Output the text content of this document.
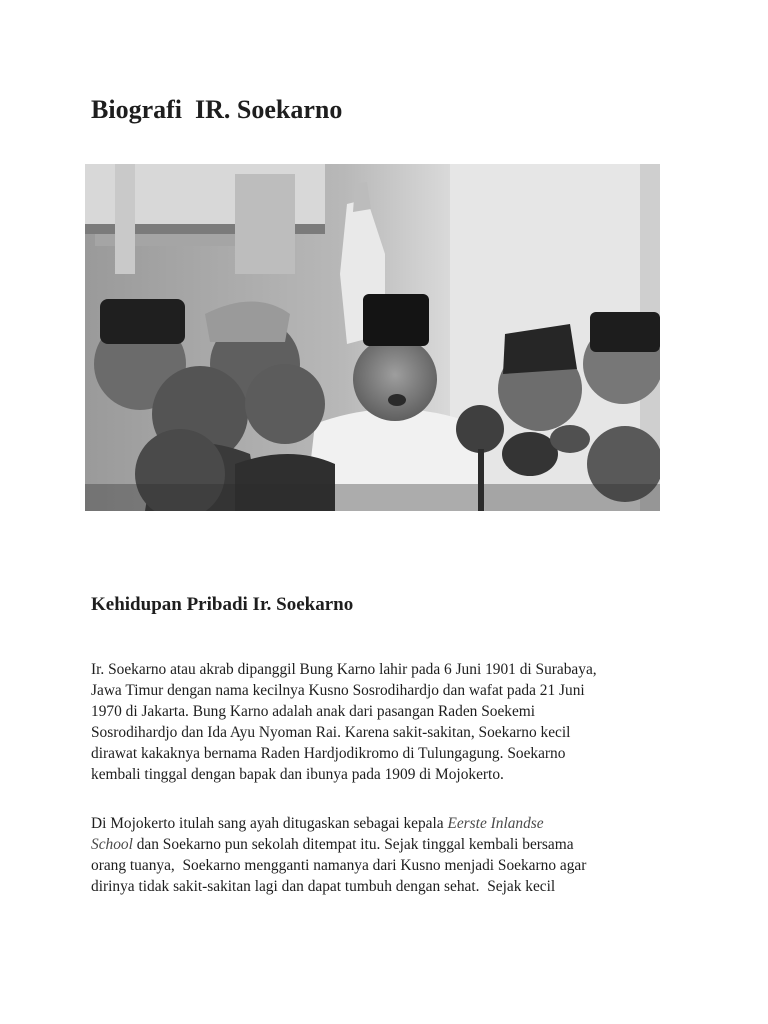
Biografi  IR. Soekarno
Kehidupan Pribadi Ir. Soekarno
Ir. Soekarno atau akrab dipanggil Bung Karno lahir pada 6 Juni 1901 di Surabaya,
Jawa Timur dengan nama kecilnya Kusno Sosrodihardjo dan wafat pada 21 Juni
1970 di Jakarta. Bung Karno adalah anak dari pasangan Raden Soekemi
Sosrodihardjo dan Ida Ayu Nyoman Rai. Karena sakit-sakitan, Soekarno kecil
dirawat kakaknya bernama Raden Hardjodikromo di Tulungagung. Soekarno
kembali tinggal dengan bapak dan ibunya pada 1909 di Mojokerto.
Di Mojokerto itulah sang ayah ditugaskan sebagai kepala Eerste Inlandse
School dan Soekarno pun sekolah ditempat itu. Sejak tinggal kembali bersama
orang tuanya,  Soekarno mengganti namanya dari Kusno menjadi Soekarno agar
dirinya tidak sakit-sakitan lagi dan dapat tumbuh dengan sehat.  Sejak kecil
